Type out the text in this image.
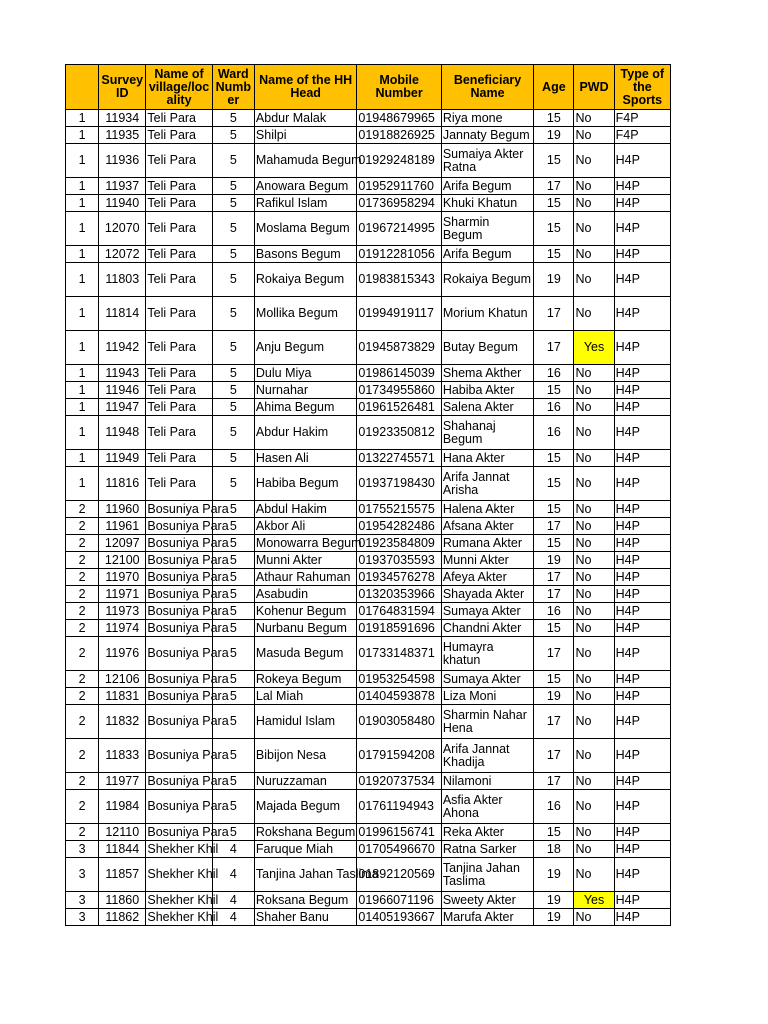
	Survey ID	Name of village/loc ality	Ward Numb er	Name of the HH Head	Mobile Number	Beneficiary Name	Age	PWD	Type of the Sports
1	11934	Teli Para	5	Abdur Malak	01948679965	Riya mone	15	No	F4P
1	11935	Teli Para	5	Shilpi	01918826925	Jannaty Begum	19	No	F4P
1	11936	Teli Para	5	Mahamuda Begum	01929248189	Sumaiya Akter Ratna	15	No	H4P
1	11937	Teli Para	5	Anowara Begum	01952911760	Arifa Begum	17	No	H4P
1	11940	Teli Para	5	Rafikul Islam	01736958294	Khuki Khatun	15	No	H4P
1	12070	Teli Para	5	Moslama Begum	01967214995	Sharmin Begum	15	No	H4P
1	12072	Teli Para	5	Basons Begum	01912281056	Arifa Begum	15	No	H4P
1	11803	Teli Para	5	Rokaiya Begum	01983815343	Rokaiya Begum	19	No	H4P
1	11814	Teli Para	5	Mollika Begum	01994919117	Morium Khatun	17	No	H4P
1	11942	Teli Para	5	Anju Begum	01945873829	Butay Begum	17	Yes	H4P
1	11943	Teli Para	5	Dulu Miya	01986145039	Shema Akther	16	No	H4P
1	11946	Teli Para	5	Nurnahar	01734955860	Habiba Akter	15	No	H4P
1	11947	Teli Para	5	Ahima Begum	01961526481	Salena Akter	16	No	H4P
1	11948	Teli Para	5	Abdur Hakim	01923350812	Shahanaj Begum	16	No	H4P
1	11949	Teli Para	5	Hasen Ali	01322745571	Hana Akter	15	No	H4P
1	11816	Teli Para	5	Habiba Begum	01937198430	Arifa Jannat Arisha	15	No	H4P
2	11960	Bosuniya Para	5	Abdul Hakim	01755215575	Halena Akter	15	No	H4P
2	11961	Bosuniya Para	5	Akbor Ali	01954282486	Afsana Akter	17	No	H4P
2	12097	Bosuniya Para	5	Monowarra Begum	01923584809	Rumana Akter	15	No	H4P
2	12100	Bosuniya Para	5	Munni Akter	01937035593	Munni Akter	19	No	H4P
2	11970	Bosuniya Para	5	Athaur Rahuman	01934576278	Afeya Akter	17	No	H4P
2	11971	Bosuniya Para	5	Asabudin	01320353966	Shayada Akter	17	No	H4P
2	11973	Bosuniya Para	5	Kohenur Begum	01764831594	Sumaya Akter	16	No	H4P
2	11974	Bosuniya Para	5	Nurbanu Begum	01918591696	Chandni Akter	15	No	H4P
2	11976	Bosuniya Para	5	Masuda Begum	01733148371	Humayra khatun	17	No	H4P
2	12106	Bosuniya Para	5	Rokeya Begum	01953254598	Sumaya Akter	15	No	H4P
2	11831	Bosuniya Para	5	Lal Miah	01404593878	Liza Moni	19	No	H4P
2	11832	Bosuniya Para	5	Hamidul Islam	01903058480	Sharmin Nahar Hena	17	No	H4P
2	11833	Bosuniya Para	5	Bibijon Nesa	01791594208	Arifa Jannat Khadija	17	No	H4P
2	11977	Bosuniya Para	5	Nuruzzaman	01920737534	Nilamoni	17	No	H4P
2	11984	Bosuniya Para	5	Majada Begum	01761194943	Asfia Akter Ahona	16	No	H4P
2	12110	Bosuniya Para	5	Rokshana Begum	01996156741	Reka Akter	15	No	H4P
3	11844	Shekher Khil	4	Faruque Miah	01705496670	Ratna Sarker	18	No	H4P
3	11857	Shekher Khil	4	Tanjina Jahan Taslima	01892120569	Tanjina Jahan Taslima	19	No	H4P
3	11860	Shekher Khil	4	Roksana Begum	01966071196	Sweety Akter	19	Yes	H4P
3	11862	Shekher Khil	4	Shaher Banu	01405193667	Marufa Akter	19	No	H4P
